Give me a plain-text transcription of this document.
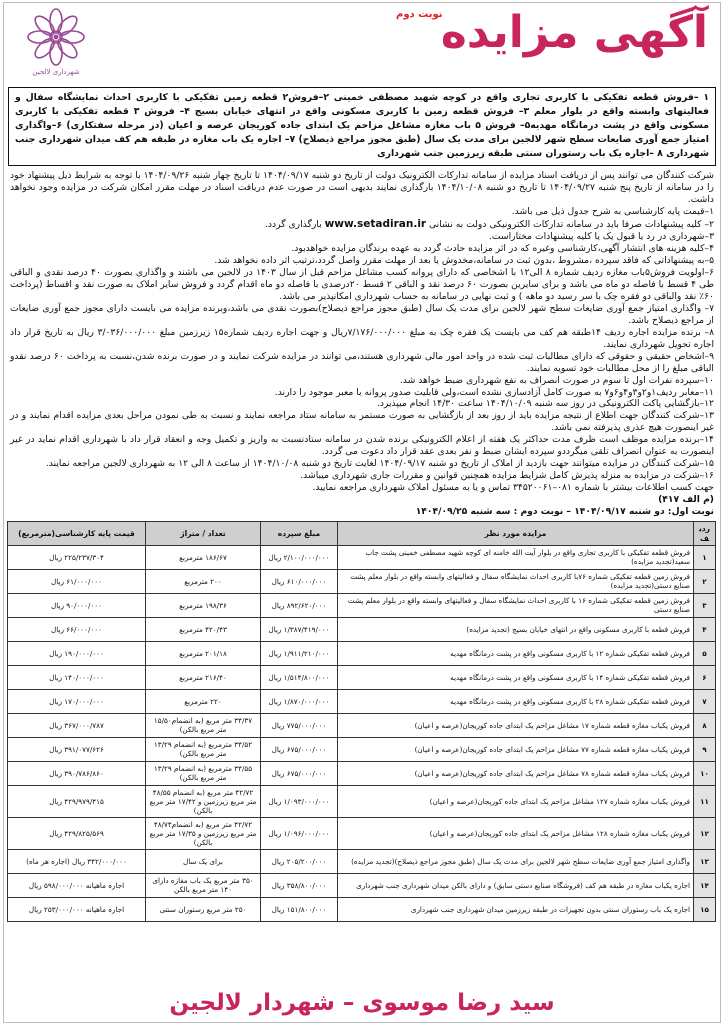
آگهی مزایده
نوبت دوم
شهرداری لالجین
۱ –فروش قطعه تفکیکی با کاربری تجاری واقع در کوچه شهید مصطفی خمینی ۲–فروش۲ قطعه زمین تفکیکی با کاربری احداث نمایشگاه سفال و فعالیتهای وابسته واقع در بلوار معلم ۳– فروش قطعه زمین با کاربری مسکونی واقع در انتهای خیابان بسیج ۴– فروش ۳ قطعه تفکیکی با کاربری مسکونی واقع در پشت درمانگاه مهدیه۵– فروش ۵ باب مغازه مشاغل مزاحم یک ابتدای جاده کوریجان عرصه و اعیان (در مرحله سفتکاری) ۶–واگذاری امتیاز جمع آوری ضایعات سطح شهر لالجین برای مدت یک سال (طبق مجوز مراجع ذیصلاح) ۷– اجاره یک باب مغازه در طبقه هم کف میدان شهرداری جنب شهرداری ۸ –اجاره یک باب رستوران سنتی طبقه زیرزمین جنب شهرداری

شرکت کنندگان می توانند پس از دریافت اسناد مزایده از سامانه تدارکات الکترونیک دولت از تاریخ دو شنبه ۱۴۰۴/۰۹/۱۷ تا تاریخ چهار شنبه ۱۴۰۴/۰۹/۲۶ با توجه به شرایط ذیل پیشنهاد خود را در سامانه از تاریخ پنج شنبه ۱۴۰۴/۰۹/۲۷ تا تاریخ دو شنبه ۱۴۰۴/۱۰/۰۸ بارگذاری نمایند بدیهی است در صورت عدم دریافت اسناد در مهلت مقرر امکان شرکت در مزایده وجود نخواهد داشت.

۱–قیمت پایه کارشناسی به شرح جدول ذیل می باشد.

۲– کلیه پیشنهادات صرفا باید در سامانه تدارکات الکترونیکی دولت به نشانی www.setadiran.ir بارگذاری گردد.

۳–شهرداری در رد یا قبول یک یا کلیه پیشنهادات مختاراست.

۴–کلیه هزینه های انتشار آگهی،کارشناسی وغیره که در اثر مزایده حادث گردد به عهده برندگان مزایده خواهدبود.

۵–به پیشنهاداتی که فاقد سپرده ،مشروط ،بدون ثبت در سامانه،مخدوش یا بعد از مهلت مقرر واصل گردد،ترتیب اثر داده نخواهد شد.

۶–اولویت فروش۵باب مغازه ردیف شماره ۸ الی۱۲ با اشخاصی که دارای پروانه کسب مشاغل مزاحم قبل از سال ۱۴۰۳ در لالجین می باشند و واگذاری بصورت ۴۰ درصد نقدی و الباقی طی ۴ قسط با فاصله دو ماه می باشد و برای سایرین بصورت ۶۰ درصد نقد و الباقی ۲ قسط ۲۰درصدی با فاصله دو ماه اقدام گردد و فروش سایر املاک به صورت نقد و اقساط (پرداخت ۶۰٪ نقد والباقی دو فقره چک با سر رسید دو ماهه ) و ثبت نهایی در سامانه به حساب شهرداری امکانپذیر می باشد.

۷– واگذاری امتیاز جمع آوری ضایعات سطح شهر لالجین برای مدت یک سال (طبق مجوز مراجع ذیصلاح)بصورت نقدی می باشد،وبرنده مزایده می بایست دارای مجوز جمع آوری ضایعات از مراجع ذیصلاح باشد.

۸– برنده مزایده اجاره ردیف ۱۴طبقه هم کف می بایست یک فقره چک به مبلغ ۷/۱۷۶/۰۰۰/۰۰۰ریال و جهت اجاره ردیف شماره۱۵ زیرزمین مبلغ ۳/۰۳۶/۰۰۰/۰۰۰ ریال به تاریخ قرار داد اجاره تحویل شهرداری نمایند.

۹–اشخاص حقیقی و حقوقی که دارای مطالبات ثبت شده در واحد امور مالی شهرداری هستند،می توانند در مزایده شرکت نمایند و در صورت برنده شدن،نسبت به پرداخت ۶۰ درصد نقدو الباقی مبلغ را از محل مطالبات خود تسویه نمایند.

۱۰–سپرده نفرات اول تا سوم در صورت انصراف به نفع شهرداری ضبط خواهد شد.

۱۱–معابر ردیف۱و۲و۳و۴و۶و۷ به صورت کامل آزادسازی نشده است،ولی قابلیت صدور پروانه با معبر موجود را دارند.

۱۲–بازگشایی پاکت الکترونیکی در روز سه شنبه ۱۴۰۴/۱۰/۰۹ ساعت ۱۴/۳۰ انجام میپذیرد.

۱۳–شرکت کنندگان جهت اطلاع از نتیجه مزایده باید از روز بعد از بازگشایی به صورت مستمر به سامانه ستاد مراجعه نمایند و نسبت به طی نمودن مراحل بعدی مزایده اقدام نمایند و در غیر اینصورت هیچ عذری پذیرفته نمی باشد.

۱۴–برنده مزایده موظف است ظرف مدت حداکثر یک هفته از اعلام الکترونیکی برنده شدن در سامانه ستادنسبت به واریز و تکمیل وجه و انعقاد قرار داد با شهرداری اقدام نماید در غیر اینصورت به عنوان انصراف تلقی میگرددو سپرده ایشان ضبط و نفر بعدی عقد قرار داد دعوت می گردد.

۱۵–شرکت کنندگان در مزایده میتوانند جهت بازدید از املاک از تاریخ دو شنبه ۱۴۰۴/۰۹/۱۷ لغایت تاریخ دو شنبه ۱۴۰۴/۱۰/۰۸ از ساعت ۸ الی ۱۲ به شهرداری لالجین مراجعه نمایند.

۱۶–شرکت در مزایده به منزله پذیرش کامل شرایط مزایده همچنین قوانین و مقررات جاری شهرداری میباشد.

جهت کسب اطلاعات بیشتر با شماره ۰۸۱–۳۴۵۲۰۰۶۱ تماس و یا به مسئول املاک شهرداری مراجعه نمایید.

(م الف ۴۱۷)

نوبت اول: دو شنبه ۱۴۰۴/۰۹/۱۷ – نوبت دوم : سه شنبه ۱۴۰۴/۰۹/۲۵

ردیف	مزایده مورد نظر	مبلغ سپرده	تعداد / متراژ	قیمت پایه کارشناسی(مترمربع)
۱	فروش قطعه تفکیکی با کاربری تجاری واقع در بلوار آیت الله خامنه ای کوچه شهید مصطفی خمینی پشت جاب سعید(تجدید مزایده)	۲/۱۰۰/۰۰۰/۰۰۰ ریال	۱۸۶/۶۷ مترمربع	۲۲۵/۲۳۷/۳۰۴ ریال
۲	فروش زمین قطعه تفکیکی شماره ۷۶با کاربری احداث نمایشگاه سفال و فعالیتهای وابسته واقع در بلوار معلم پشت صنایع دستی(تجدید مزایده)	۶۱۰/۰۰۰/۰۰۰ ریال	۲۰۰ مترمربع	۶۱/۰۰۰/۰۰۰ ریال
۳	فروش زمین قطعه تفکیکی شماره ۱۶ با کاربری احداث نمایشگاه سفال و فعالیتهای وابسته واقع در بلوار معلم پشت صنایع دستی	۸۹۲/۶۲۰/۰۰۰ ریال	۱۹۸/۳۶ مترمربع	۹۰/۰۰۰/۰۰۰ ریال
۴	فروش قطعه با کاربری مسکونی واقع در انتهای خیابان بسیج (تجدید مزایده)	۱/۳۸۷/۴۱۹/۰۰۰ ریال	۴۲۰/۴۳ مترمربع	۶۶/۰۰۰/۰۰۰ ریال
۵	فروش قطعه تفکیکی شماره ۱۲ با کاربری مسکونی واقع در پشت درمانگاه مهدیه	۱/۹۱۱/۲۱۰/۰۰۰ ریال	۲۰۱/۱۸ مترمربع	۱۹۰/۰۰۰/۰۰۰ ریال
۶	فروش قطعه تفکیکی شماره ۱۴ با کاربری مسکونی واقع در پشت درمانگاه مهدیه	۱/۵۱۴/۸۰۰/۰۰۰ ریال	۲۱۶/۴۰ مترمربع	۱۴۰/۰۰۰/۰۰۰ ریال
۷	فروش قطعه تفکیکی شماره ۲۸ با کاربری مسکونی واقع در پشت درمانگاه مهدیه	۱/۸۷۰/۰۰۰/۰۰۰ ریال	۲۲۰ مترمربع	۱۷۰/۰۰۰/۰۰۰ ریال
۸	فروش یکباب مغازه قطعه شماره ۱۷ مشاغل مزاحم یک ابتدای جاده کوریجان(عرصه و اعیان)	۷۷۵/۰۰۰/۰۰۰ ریال	۳۴/۳۷ متر مربع (به انضمام۱۵/۵۰ متر مربع بالکن)	۳۶۷/۰۰۰/۷۸۷ ریال
۹	فروش یکباب مغازه قطعه شماره ۷۷ مشاغل مزاحم یک ابتدای جاده کوریجان(عرصه و اعیان)	۶۷۵/۰۰۰/۰۰۰ ریال	۳۴/۵۲ مترمربع (به انضمام ۱۳/۲۹ متر مربع بالکن)	۳۹۱/۰۷۷/۶۲۶ ریال
۱۰	فروش یکباب مغازه قطعه شماره ۷۸ مشاغل مزاحم یک ابتدای جاده کوریجان(عرصه و اعیان)	۶۷۵/۰۰۰/۰۰۰ ریال	۳۴/۵۵ مترمربع (به انضمام ۱۳/۲۹ متر مربع بالکن)	۳۹۰/۷۸۶/۸۶۰ ریال
۱۱	فروش یکباب مغازه شماره ۱۲۷ مشاغل مزاحم یک ابتدای جاده کوریجان(عرصه و اعیان)	۱/۰۹۳/۰۰۰/۰۰۰ ریال	۴۲/۷۲ متر مربع (به انضمام ۴۸/۵۵ متر مربع زیرزمین و ۱۷/۴۲ متر مربع بالکن)	۴۲۹/۹۷۹/۴۱۵ ریال
۱۲	فروش یکباب مغازه شماره ۱۲۸ مشاغل مزاحم یک ابتدای جاده کوریجان(عرصه و اعیان)	۱/۰۹۶/۰۰۰/۰۰۰ ریال	۴۲/۷۲ متر مربع (به انضمام۴۸/۷۴ متر مربع زیرزمین و ۱۷/۳۵ متر مربع بالکن)	۴۲۹/۸۲۵/۵۶۹ ریال
۱۳	واگذاری امتیاز جمع آوری ضایعات سطح شهر لالجین برای مدت یک سال (طبق مجوز مراجع ذیصلاح)(تجدید مزایده)	۲۰۵/۲۰۰/۰۰۰ ریال	برای یک سال	۳۴۲/۰۰۰/۰۰۰ ریال (اجاره هر ماه)
۱۴	اجاره یکباب مغازه در طبقه هم کف (فروشگاه صنایع دستی سابق) و دارای بالکن میدان شهرداری جنب شهرداری	۳۵۸/۸۰۰/۰۰۰ ریال	۳۵۰ متر مربع یک باب مغازه دارای ۱۴۰ متر مربع بالکن	اجاره ماهیانه ۵۹۸/۰۰۰/۰۰۰ ریال
۱۵	اجاره یک باب رستوران سنتی بدون تجهیزات در طبقه زیرزمین میدان شهرداری جنب شهرداری	۱۵۱/۸۰۰/۰۰۰ ریال	۲۵۰ متر مربع رستوران سنتی	اجاره ماهیانه ۲۵۳/۰۰۰/۰۰۰ ریال
سید رضا موسوی – شهردار لالجین
